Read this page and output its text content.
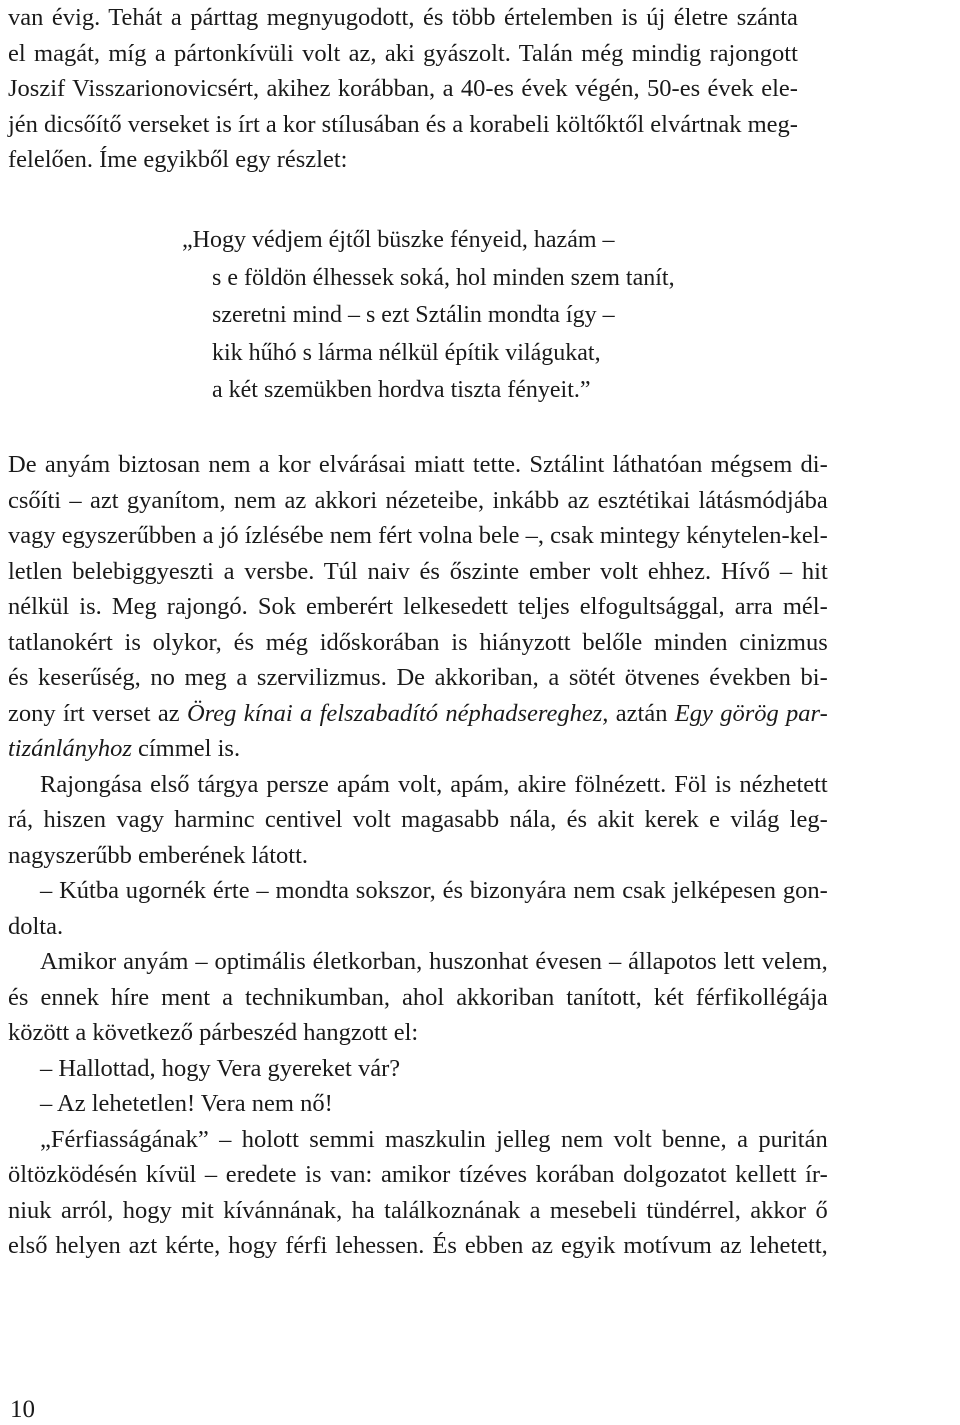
van évig. Tehát a párttag megnyugodott, és több értelemben is új életre szánta
el magát, míg a pártonkívüli volt az, aki gyászolt. Talán még mindig rajongott
Joszif Visszarionovicsért, akihez korábban, a 40-es évek végén, 50-es évek ele-
jén dicsőítő verseket is írt a kor stílusában és a korabeli költőktől elvártnak meg-
felelően. Íme egyikből egy részlet:
De anyám biztosan nem a kor elvárásai miatt tette. Sztálint láthatóan mégsem di-
csőíti – azt gyanítom, nem az akkori nézeteibe, inkább az esztétikai látásmódjába
vagy egyszerűbben a jó ízlésébe nem fért volna bele –, csak mintegy kénytelen-kel-
letlen belebiggyeszti a versbe. Túl naiv és őszinte ember volt ehhez. Hívő – hit
nélkül is. Meg rajongó. Sok emberért lelkesedett teljes elfogultsággal, arra mél-
tatlanokért is olykor, és még időskorában is hiányzott belőle minden cinizmus
és keserűség, no meg a szervilizmus. De akkoriban, a sötét ötvenes években bi-
zony írt verset az Öreg kínai a felszabadító néphadsereghez, aztán Egy görög par-
tizánlányhoz címmel is.
Rajongása első tárgya persze apám volt, apám, akire fölnézett. Föl is nézhetett
rá, hiszen vagy harminc centivel volt magasabb nála, és akit kerek e világ leg-
nagyszerűbb emberének látott.
– Kútba ugornék érte – mondta sokszor, és bizonyára nem csak jelképesen gon-
dolta.
Amikor anyám – optimális életkorban, huszonhat évesen – állapotos lett velem,
és ennek híre ment a technikumban, ahol akkoriban tanított, két férfikollégája
között a következő párbeszéd hangzott el:
– Hallottad, hogy Vera gyereket vár?
– Az lehetetlen! Vera nem nő!
„Férfiasságának” – holott semmi maszkulin jelleg nem volt benne, a puritán
öltözködésén kívül – eredete is van: amikor tízéves korában dolgozatot kellett ír-
niuk arról, hogy mit kívánnának, ha találkoznának a mesebeli tündérrel, akkor ő
első helyen azt kérte, hogy férfi lehessen. És ebben az egyik motívum az lehetett,
„Hogy védjem éjtől büszke fényeid, hazám –
s e földön élhessek soká, hol minden szem tanít,
szeretni mind – s ezt Sztálin mondta így –
kik hűhó s lárma nélkül építik világukat,
a két szemükben hordva tiszta fényeit.”
10
